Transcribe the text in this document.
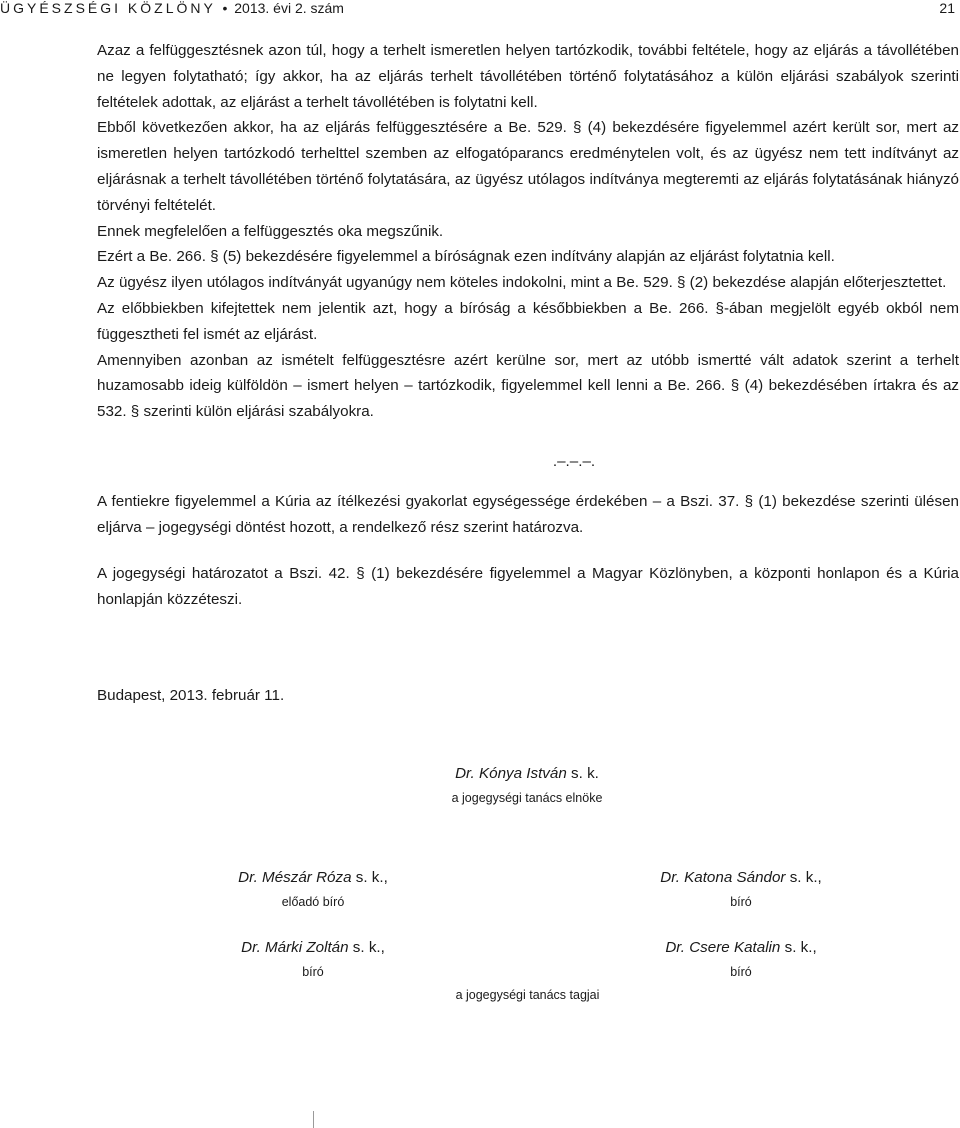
ÜGYÉSZSÉGI KÖZLÖNY • 2013. évi 2. szám	21

Azaz a felfüggesztésnek azon túl, hogy a terhelt ismeretlen helyen tartózkodik, további feltétele, hogy az eljárás a távollétében ne legyen folytatható; így akkor, ha az eljárás terhelt távollétében történő folytatásához a külön eljárási szabályok szerinti feltételek adottak, az eljárást a terhelt távollétében is folytatni kell.

Ebből következően akkor, ha az eljárás felfüggesztésére a Be. 529. § (4) bekezdésére figyelemmel azért került sor, mert az ismeretlen helyen tartózkodó terhelttel szemben az elfogatóparancs eredménytelen volt, és az ügyész nem tett indítványt az eljárásnak a terhelt távollétében történő folytatására, az ügyész utólagos indítványa megteremti az eljárás folytatásának hiányzó törvényi feltételét.

Ennek megfelelően a felfüggesztés oka megszűnik.

Ezért a Be. 266. § (5) bekezdésére figyelemmel a bíróságnak ezen indítvány alapján az eljárást folytatnia kell.

Az ügyész ilyen utólagos indítványát ugyanúgy nem köteles indokolni, mint a Be. 529. § (2) bekezdése alapján előterjesztettet.

Az előbbiekben kifejtettek nem jelentik azt, hogy a bíróság a későbbiekben a Be. 266. §-ában megjelölt egyéb okból nem függesztheti fel ismét az eljárást.

Amennyiben azonban az ismételt felfüggesztésre azért kerülne sor, mert az utóbb ismertté vált adatok szerint a terhelt huzamosabb ideig külföldön – ismert helyen – tartózkodik, figyelemmel kell lenni a Be. 266. § (4) bekezdésében írtakra és az 532. § szerinti külön eljárási szabályokra.

.–.–.–.

A fentiekre figyelemmel a Kúria az ítélkezési gyakorlat egységessége érdekében – a Bszi. 37. § (1) bekezdése szerinti ülésen eljárva – jogegységi döntést hozott, a rendelkező rész szerint határozva.

A jogegységi határozatot a Bszi. 42. § (1) bekezdésére figyelemmel a Magyar Közlönyben, a központi honlapon és a Kúria honlapján közzéteszi.

Budapest, 2013. február 11.
Dr. Kónya István s. k.
a jogegységi tanács elnöke
Dr. Mészár Róza s. k.,
előadó bíró
Dr. Katona Sándor s. k.,
bíró
Dr. Márki Zoltán s. k.,
bíró
Dr. Csere Katalin s. k.,
bíró
a jogegységi tanács tagjai
